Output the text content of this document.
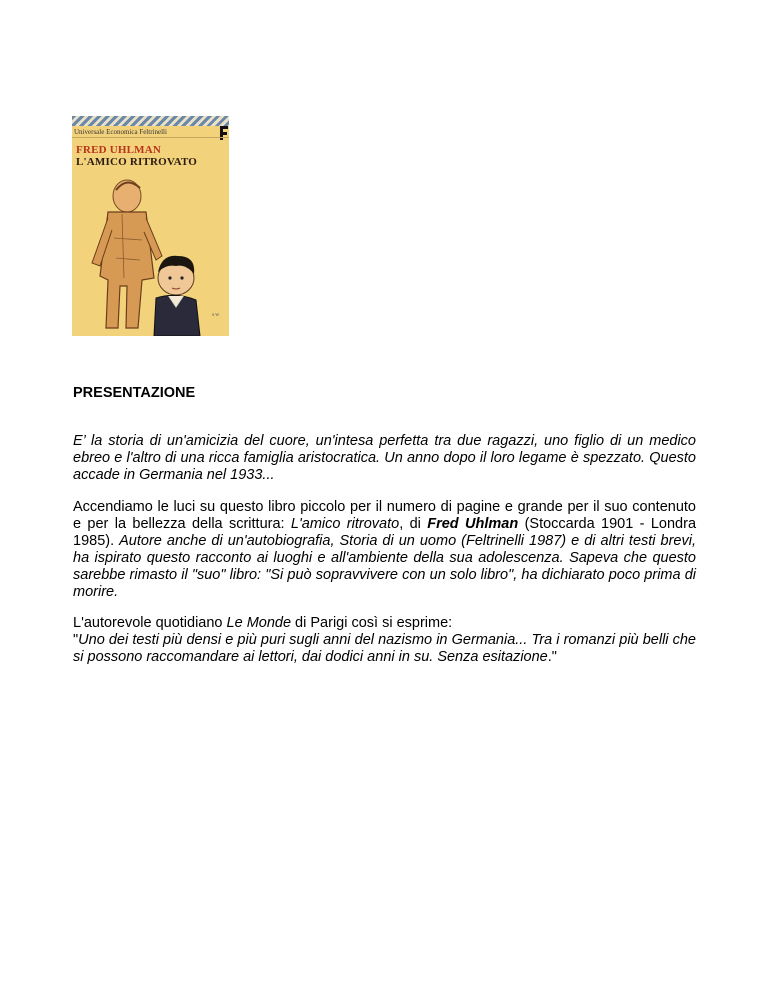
Universale Economica Feltrinelli
FRED UHLMAN
L'AMICO RITROVATO
S.W.
PRESENTAZIONE

E’ la storia di un'amicizia del cuore, un'intesa perfetta tra due ragazzi, uno figlio di un medico ebreo e l'altro di una ricca famiglia aristocratica. Un anno dopo il loro legame è spezzato. Questo accade in Germania nel 1933...

Accendiamo le luci su questo libro piccolo per il numero di pagine e grande per il suo contenuto e per la bellezza della scrittura: L'amico ritrovato, di Fred Uhlman (Stoccarda 1901 - Londra 1985). Autore anche di un'autobiografia, Storia di un uomo (Feltrinelli 1987) e di altri testi brevi, ha ispirato questo racconto ai luoghi e all'ambiente della sua adolescenza. Sapeva che questo sarebbe rimasto il "suo" libro: "Si può sopravvivere con un solo libro", ha dichiarato poco prima di morire.

L'autorevole quotidiano Le Monde di Parigi così si esprime:
"Uno dei testi più densi e più puri sugli anni del nazismo in Germania... Tra i romanzi più belli che si possono raccomandare ai lettori, dai dodici anni in su. Senza esitazione."
